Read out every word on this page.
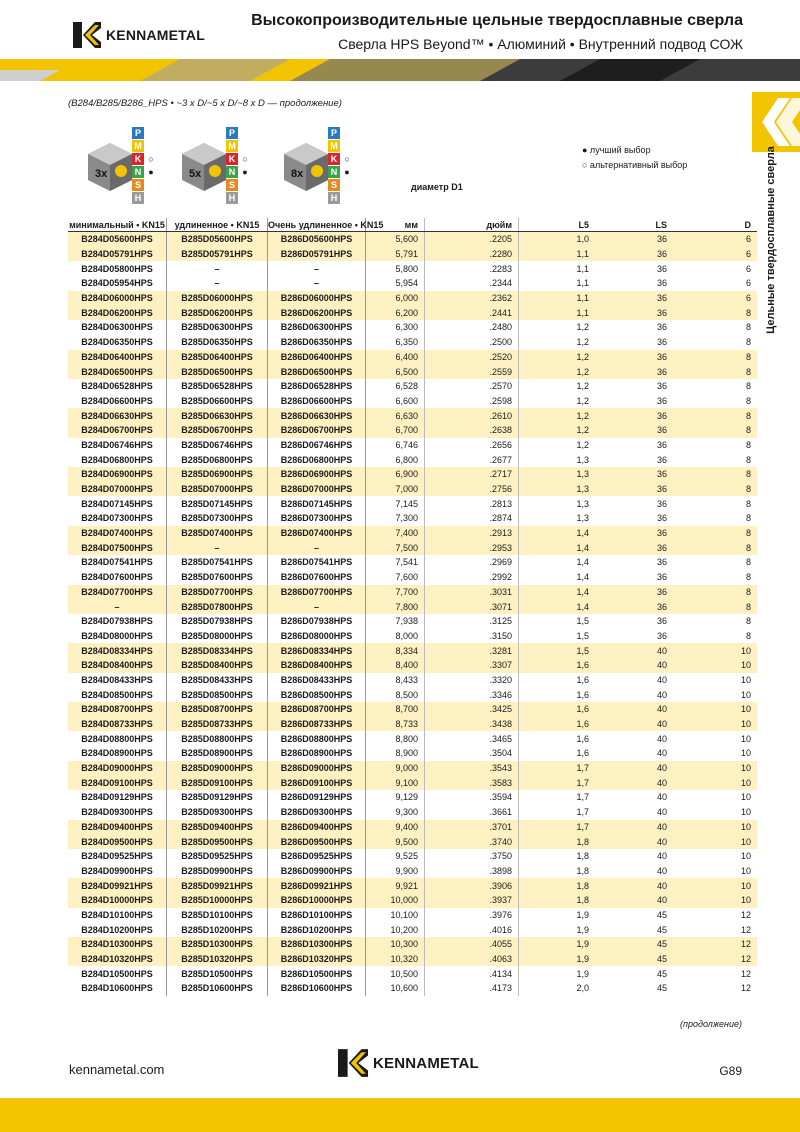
KENNAMETAL
Высокопроизводительные цельные твердосплавные сверла
Сверла HPS Beyond™ • Алюминий • Внутренний подвод СОЖ
(B284/B285/B286_HPS • ~3 x D/~5 x D/~8 x D — продолжение)
Цельные твердосплавные сверла
3x
P
M
K
N
S
H
○
●	5x
P
M
K
N
S
H
○
●	8x
P
M
K
N
S
H
○
●
● лучший выбор
○ альтернативный выбор
диаметр D1
минимальный • KN15	удлиненное • KN15	Очень удлиненное • KN15	мм	дюйм	L5	LS	D
B284D05600HPS	B285D05600HPS	B286D05600HPS	5,600	.2205	1,0	36	6
B284D05791HPS	B285D05791HPS	B286D05791HPS	5,791	.2280	1,1	36	6
B284D05800HPS	–	–	5,800	.2283	1,1	36	6
B284D05954HPS	–	–	5,954	.2344	1,1	36	6
B284D06000HPS	B285D06000HPS	B286D06000HPS	6,000	.2362	1,1	36	6
B284D06200HPS	B285D06200HPS	B286D06200HPS	6,200	.2441	1,1	36	8
B284D06300HPS	B285D06300HPS	B286D06300HPS	6,300	.2480	1,2	36	8
B284D06350HPS	B285D06350HPS	B286D06350HPS	6,350	.2500	1,2	36	8
B284D06400HPS	B285D06400HPS	B286D06400HPS	6,400	.2520	1,2	36	8
B284D06500HPS	B285D06500HPS	B286D06500HPS	6,500	.2559	1,2	36	8
B284D06528HPS	B285D06528HPS	B286D06528HPS	6,528	.2570	1,2	36	8
B284D06600HPS	B285D06600HPS	B286D06600HPS	6,600	.2598	1,2	36	8
B284D06630HPS	B285D06630HPS	B286D06630HPS	6,630	.2610	1,2	36	8
B284D06700HPS	B285D06700HPS	B286D06700HPS	6,700	.2638	1,2	36	8
B284D06746HPS	B285D06746HPS	B286D06746HPS	6,746	.2656	1,2	36	8
B284D06800HPS	B285D06800HPS	B286D06800HPS	6,800	.2677	1,3	36	8
B284D06900HPS	B285D06900HPS	B286D06900HPS	6,900	.2717	1,3	36	8
B284D07000HPS	B285D07000HPS	B286D07000HPS	7,000	.2756	1,3	36	8
B284D07145HPS	B285D07145HPS	B286D07145HPS	7,145	.2813	1,3	36	8
B284D07300HPS	B285D07300HPS	B286D07300HPS	7,300	.2874	1,3	36	8
B284D07400HPS	B285D07400HPS	B286D07400HPS	7,400	.2913	1,4	36	8
B284D07500HPS	–	–	7,500	.2953	1,4	36	8
B284D07541HPS	B285D07541HPS	B286D07541HPS	7,541	.2969	1,4	36	8
B284D07600HPS	B285D07600HPS	B286D07600HPS	7,600	.2992	1,4	36	8
B284D07700HPS	B285D07700HPS	B286D07700HPS	7,700	.3031	1,4	36	8
–	B285D07800HPS	–	7,800	.3071	1,4	36	8
B284D07938HPS	B285D07938HPS	B286D07938HPS	7,938	.3125	1,5	36	8
B284D08000HPS	B285D08000HPS	B286D08000HPS	8,000	.3150	1,5	36	8
B284D08334HPS	B285D08334HPS	B286D08334HPS	8,334	.3281	1,5	40	10
B284D08400HPS	B285D08400HPS	B286D08400HPS	8,400	.3307	1,6	40	10
B284D08433HPS	B285D08433HPS	B286D08433HPS	8,433	.3320	1,6	40	10
B284D08500HPS	B285D08500HPS	B286D08500HPS	8,500	.3346	1,6	40	10
B284D08700HPS	B285D08700HPS	B286D08700HPS	8,700	.3425	1,6	40	10
B284D08733HPS	B285D08733HPS	B286D08733HPS	8,733	.3438	1,6	40	10
B284D08800HPS	B285D08800HPS	B286D08800HPS	8,800	.3465	1,6	40	10
B284D08900HPS	B285D08900HPS	B286D08900HPS	8,900	.3504	1,6	40	10
B284D09000HPS	B285D09000HPS	B286D09000HPS	9,000	.3543	1,7	40	10
B284D09100HPS	B285D09100HPS	B286D09100HPS	9,100	.3583	1,7	40	10
B284D09129HPS	B285D09129HPS	B286D09129HPS	9,129	.3594	1,7	40	10
B284D09300HPS	B285D09300HPS	B286D09300HPS	9,300	.3661	1,7	40	10
B284D09400HPS	B285D09400HPS	B286D09400HPS	9,400	.3701	1,7	40	10
B284D09500HPS	B285D09500HPS	B286D09500HPS	9,500	.3740	1,8	40	10
B284D09525HPS	B285D09525HPS	B286D09525HPS	9,525	.3750	1,8	40	10
B284D09900HPS	B285D09900HPS	B286D09900HPS	9,900	.3898	1,8	40	10
B284D09921HPS	B285D09921HPS	B286D09921HPS	9,921	.3906	1,8	40	10
B284D10000HPS	B285D10000HPS	B286D10000HPS	10,000	.3937	1,8	40	10
B284D10100HPS	B285D10100HPS	B286D10100HPS	10,100	.3976	1,9	45	12
B284D10200HPS	B285D10200HPS	B286D10200HPS	10,200	.4016	1,9	45	12
B284D10300HPS	B285D10300HPS	B286D10300HPS	10,300	.4055	1,9	45	12
B284D10320HPS	B285D10320HPS	B286D10320HPS	10,320	.4063	1,9	45	12
B284D10500HPS	B285D10500HPS	B286D10500HPS	10,500	.4134	1,9	45	12
B284D10600HPS	B285D10600HPS	B286D10600HPS	10,600	.4173	2,0	45	12
(продолжение)
kennametal.com	KENNAMETAL	G89
